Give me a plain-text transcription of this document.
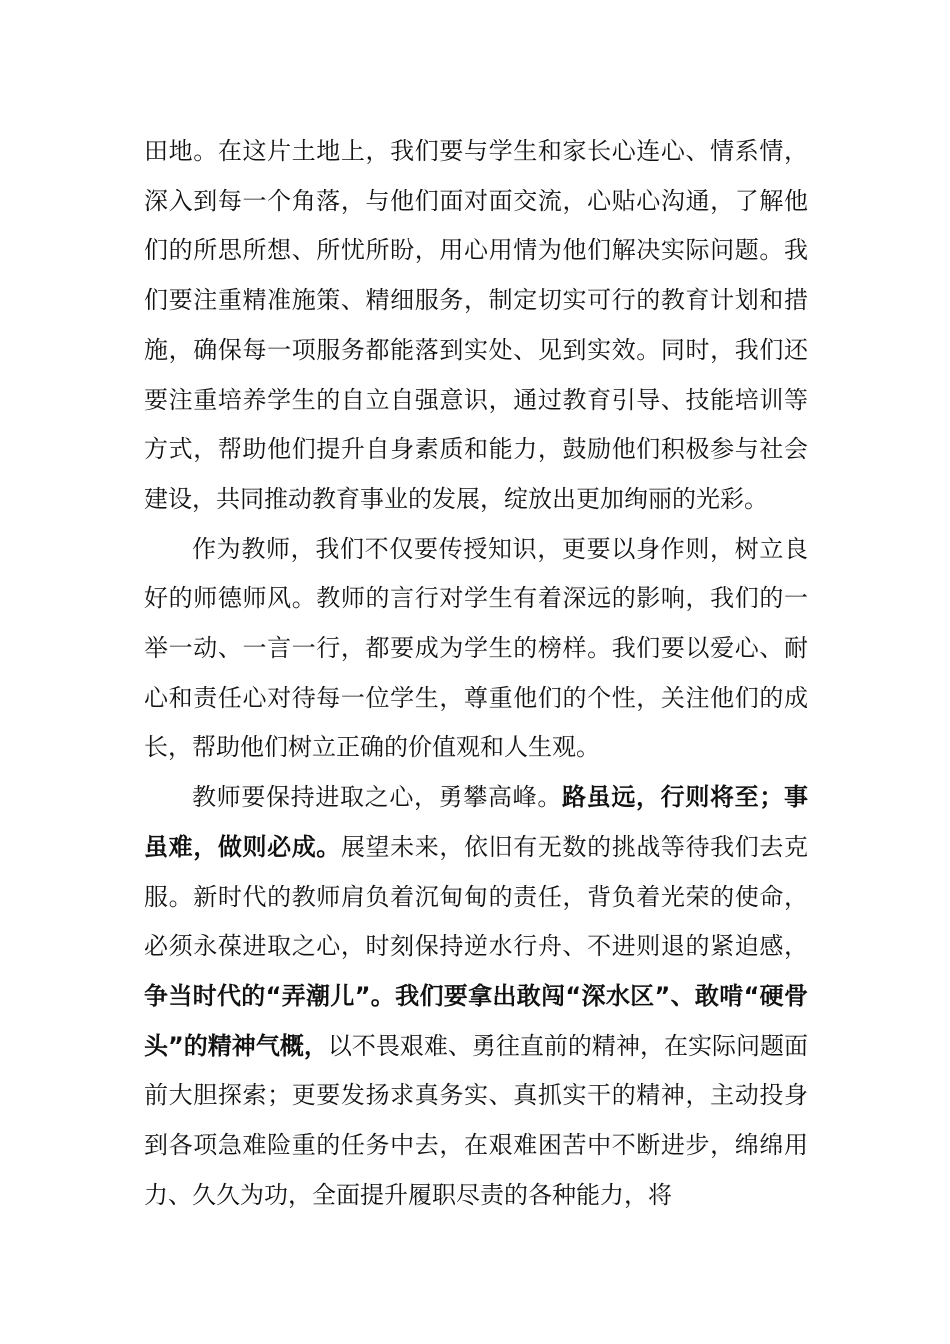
田地。在这片土地上，我们要与学生和家长心连心、情系情，深入到每一个角落，与他们面对面交流，心贴心沟通，了解他们的所思所想、所忧所盼，用心用情为他们解决实际问题。我们要注重精准施策、精细服务，制定切实可行的教育计划和措施，确保每一项服务都能落到实处、见到实效。同时，我们还要注重培养学生的自立自强意识，通过教育引导、技能培训等方式，帮助他们提升自身素质和能力，鼓励他们积极参与社会建设，共同推动教育事业的发展，绽放出更加绚丽的光彩。

作为教师，我们不仅要传授知识，更要以身作则，树立良好的师德师风。教师的言行对学生有着深远的影响，我们的一举一动、一言一行，都要成为学生的榜样。我们要以爱心、耐心和责任心对待每一位学生，尊重他们的个性，关注他们的成长，帮助他们树立正确的价值观和人生观。

教师要保持进取之心，勇攀高峰。路虽远，行则将至；事虽难，做则必成。展望未来，依旧有无数的挑战等待我们去克服。新时代的教师肩负着沉甸甸的责任，背负着光荣的使命，必须永葆进取之心，时刻保持逆水行舟、不进则退的紧迫感，争当时代的“弄潮儿”。我们要拿出敢闯“深水区”、敢啃“硬骨头”的精神气概，以不畏艰难、勇往直前的精神，在实际问题面前大胆探索；更要发扬求真务实、真抓实干的精神，主动投身到各项急难险重的任务中去，在艰难困苦中不断进步，绵绵用力、久久为功，全面提升履职尽责的各种能力，将
